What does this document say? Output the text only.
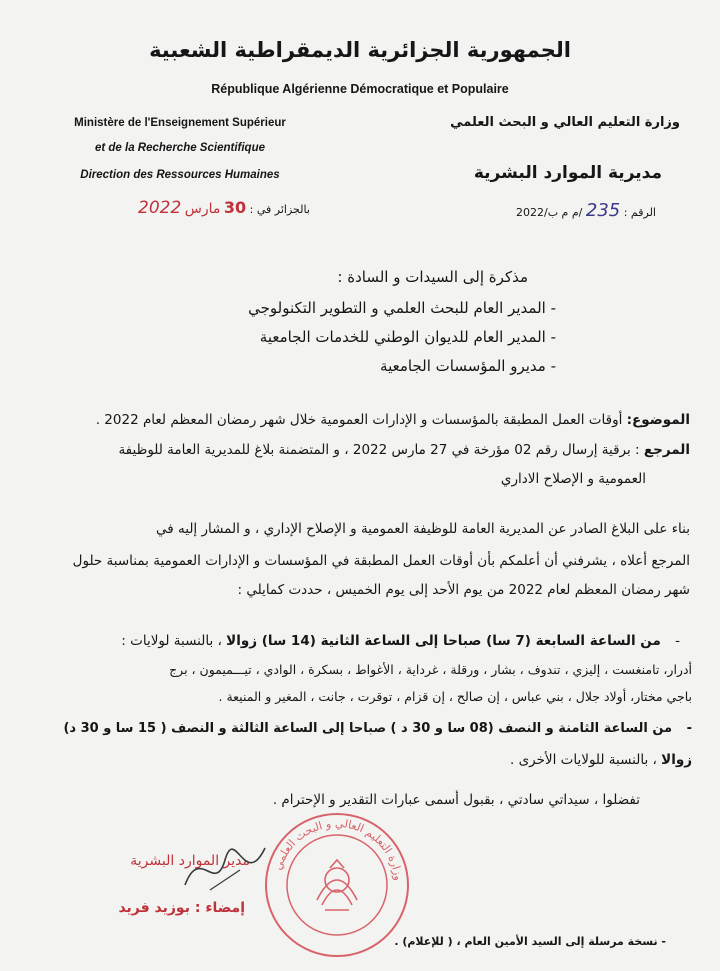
الجمهورية الجزائرية الديمقراطية الشعبية
République Algérienne Démocratique et Populaire
Ministère de l'Enseignement Supérieur
et de la Recherche Scientifique
Direction des Ressources Humaines
وزارة التعليم العالي و البحث العلمي
مديرية الموارد البشرية
الرقم : 235 /م م ب/2022
بالجزائر في : 30 مارس 2022
مذكرة إلى السيدات و السادة :
- المدير العام للبحث العلمي و التطوير التكنولوجي
- المدير العام للديوان الوطني للخدمات الجامعية
- مديرو المؤسسات الجامعية
الموضوع: أوقات العمل المطبقة بالمؤسسات و الإدارات العمومية خلال شهر رمضان المعظم لعام 2022 .
المرجع : برقية إرسال رقم 02 مؤرخة في 27 مارس 2022 ، و المتضمنة بلاغ للمديرية العامة للوظيفة
العمومية و الإصلاح الاداري
بناء على البلاغ الصادر عن المديرية العامة للوظيفة العمومية و الإصلاح الإداري ، و المشار إليه في
المرجع أعلاه ، يشرفني أن أعلمكم بأن أوقات العمل المطبقة في المؤسسات و الإدارات العمومية بمناسبة حلول
شهر رمضان المعظم لعام 2022 من يوم الأحد إلى يوم الخميس ، حددت كمايلي :
- من الساعة السابعة (7 سا) صباحا إلى الساعة الثانية (14 سا) زوالا ، بالنسبة لولايات :
أدرار، تامنغست ، إليزي ، تندوف ، بشار ، ورقلة ، غرداية ، الأغواط ، بسكرة ، الوادي ، تيـــميمون ، برج
باجي مختار، أولاد جلال ، بني عباس ، إن صالح ، إن قزام ، توقرت ، جانت ، المغير و المنيعة .
- من الساعة الثامنة و النصف (08 سا و 30 د ) صباحا إلى الساعة الثالثة و النصف ( 15 سا و 30 د)
زوالا ، بالنسبة للولايات الأخرى .
تفضلوا ، سيداتي سادتي ، بقبول أسمى عبارات التقدير و الإحترام .
وزارة التعليم العالي و البحث العلمي
مدير الموارد البشرية
إمضاء : بوزيد فريد
- نسخة مرسلة إلى السيد الأمين العام ، ( للإعلام) .
